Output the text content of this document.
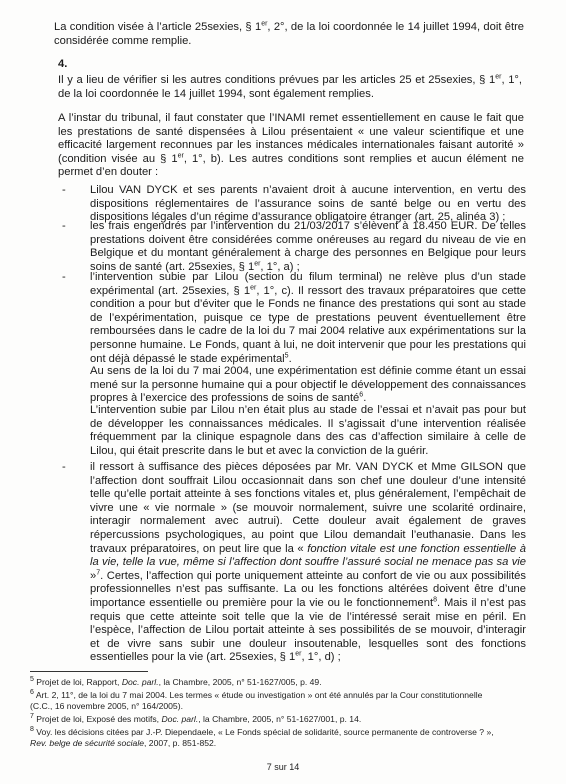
La condition visée à l’article 25sexies, § 1er, 2°, de la loi coordonnée le 14 juillet 1994, doit être considérée comme remplie.

4.

Il y a lieu de vérifier si les autres conditions prévues par les articles 25 et 25sexies, § 1er, 1°, de la loi coordonnée le 14 juillet 1994, sont également remplies.

A l’instar du tribunal, il faut constater que l’INAMI remet essentiellement en cause le fait que les prestations de santé dispensées à Lilou présentaient « une valeur scientifique et une efficacité largement reconnues par les instances médicales internationales faisant autorité » (condition visée au § 1er, 1°, b). Les autres conditions sont remplies et aucun élément ne permet d’en douter :

- Lilou VAN DYCK et ses parents n’avaient droit à aucune intervention, en vertu des dispositions réglementaires de l’assurance soins de santé belge ou en vertu des dispositions légales d’un régime d’assurance obligatoire étranger (art. 25, alinéa 3) ;

- les frais engendrés par l’intervention du 21/03/2017 s’élèvent à 18.450 EUR. De telles prestations doivent être considérées comme onéreuses au regard du niveau de vie en Belgique et du montant généralement à charge des personnes en Belgique pour leurs soins de santé (art. 25sexies, § 1er, 1°, a) ;

- l’intervention subie par Lilou (section du filum terminal) ne relève plus d’un stade expérimental (art. 25sexies, § 1er, 1°, c). Il ressort des travaux préparatoires que cette condition a pour but d’éviter que le Fonds ne finance des prestations qui sont au stade de l’expérimentation, puisque ce type de prestations peuvent éventuellement être remboursées dans le cadre de la loi du 7 mai 2004 relative aux expérimentations sur la personne humaine. Le Fonds, quant à lui, ne doit intervenir que pour les prestations qui ont déjà dépassé le stade expérimental$^5$.

Au sens de la loi du 7 mai 2004, une expérimentation est définie comme étant un essai mené sur la personne humaine qui a pour objectif le développement des connaissances propres à l’exercice des professions de soins de santé$^6$.

L’intervention subie par Lilou n’en était plus au stade de l’essai et n’avait pas pour but de développer les connaissances médicales. Il s’agissait d’une intervention réalisée fréquemment par la clinique espagnole dans des cas d’affection similaire à celle de Lilou, qui était prescrite dans le but et avec la conviction de la guérir.

- il ressort à suffisance des pièces déposées par Mr. VAN DYCK et Mme GILSON que l’affection dont souffrait Lilou occasionnait dans son chef une douleur d’une intensité telle qu’elle portait atteinte à ses fonctions vitales et, plus généralement, l’empêchait de vivre une « vie normale » (se mouvoir normalement, suivre une scolarité ordinaire, interagir normalement avec autrui). Cette douleur avait également de graves répercussions psychologiques, au point que Lilou demandait l’euthanasie. Dans les travaux préparatoires, on peut lire que la « fonction vitale est une fonction essentielle à la vie, telle la vue, même si l’affection dont souffre l’assuré social ne menace pas sa vie »$^7$. Certes, l’affection qui porte uniquement atteinte au confort de vie ou aux possibilités professionnelles n’est pas suffisante. La ou les fonctions altérées doivent être d’une importance essentielle ou première pour la vie ou le fonctionnement$^8$. Mais il n’est pas requis que cette atteinte soit telle que la vie de l’intéressé serait mise en péril. En l’espèce, l’affection de Lilou portait atteinte à ses possibilités de se mouvoir, d’interagir et de vivre sans subir une douleur insoutenable, lesquelles sont des fonctions essentielles pour la vie (art. 25sexies, § 1er, 1°, d) ;

$^5$ Projet de loi, Rapport, Doc. parl., la Chambre, 2005, n° 51-1627/005, p. 49.
$^6$ Art. 2, 11°, de la loi du 7 mai 2004. Les termes « étude ou investigation » ont été annulés par la Cour constitutionnelle
(C.C., 16 novembre 2005, n° 164/2005).
$^7$ Projet de loi, Exposé des motifs, Doc. parl., la Chambre, 2005, n° 51-1627/001, p. 14.
$^8$ Voy. les décisions citées par J.-P. Diependaele, « Le Fonds spécial de solidarité, source permanente de controverse ? »,
Rev. belge de sécurité sociale, 2007, p. 851-852.
7 sur 14
